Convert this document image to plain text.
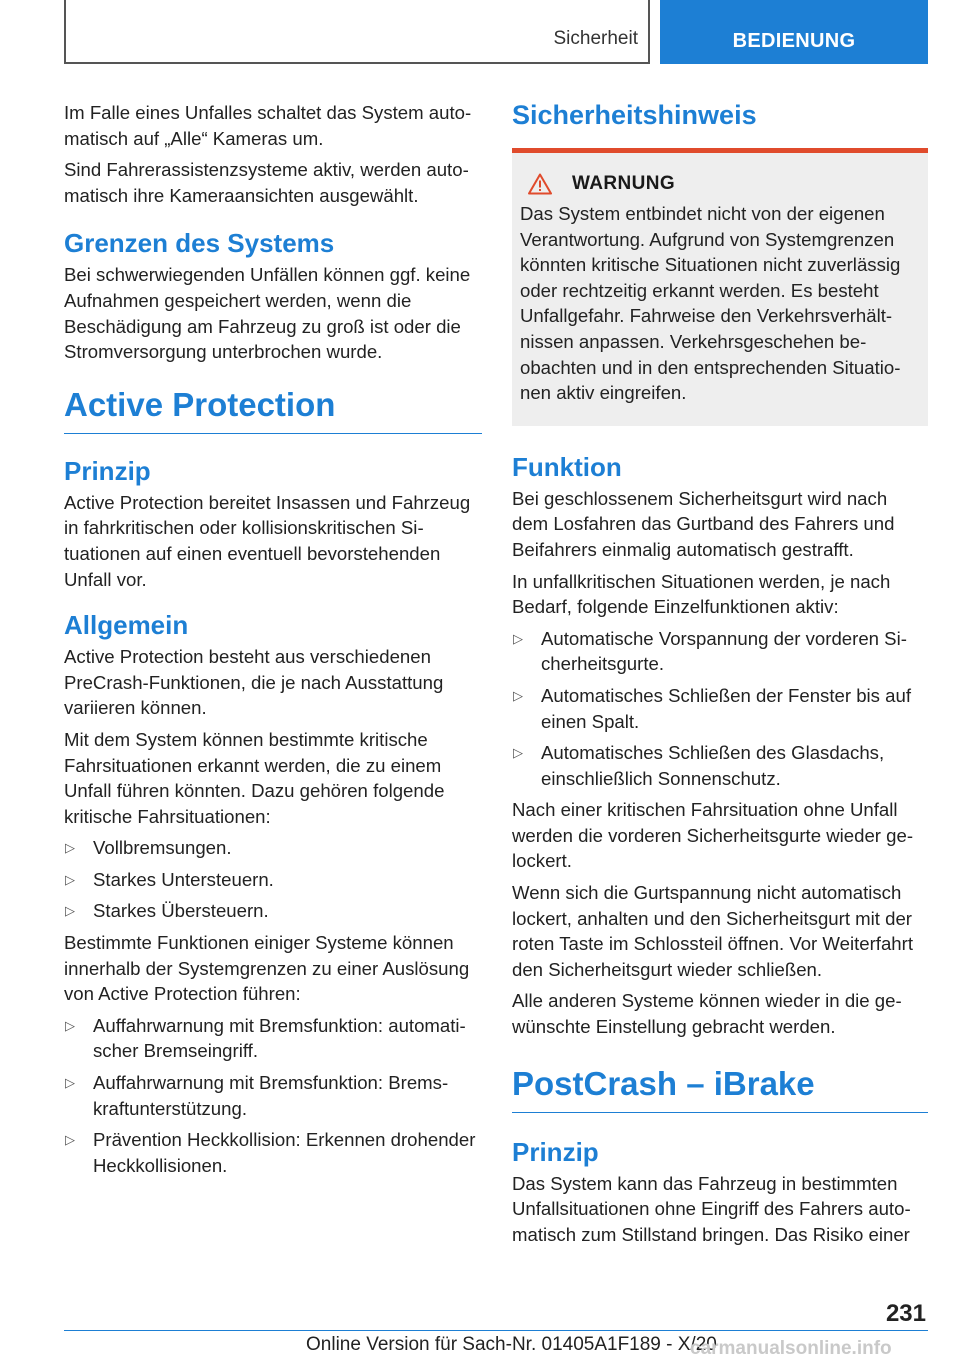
Sicherheit	BEDIENUNG

Im Falle eines Unfalles schaltet das System automatisch auf „Alle“ Kameras um.

Sind Fahrerassistenzsysteme aktiv, werden automatisch ihre Kameraansichten ausgewählt.

Grenzen des Systems

Bei schwerwiegenden Unfällen können ggf. keine Aufnahmen gespeichert werden, wenn die Beschädigung am Fahrzeug zu groß ist oder die Stromversorgung unterbrochen wurde.

Active Protection
Prinzip

Active Protection bereitet Insassen und Fahrzeug in fahrkritischen oder kollisionskritischen Situationen auf einen eventuell bevorstehenden Unfall vor.

Allgemein

Active Protection besteht aus verschiedenen PreCrash-Funktionen, die je nach Ausstattung variieren können.

Mit dem System können bestimmte kritische Fahrsituationen erkannt werden, die zu einem Unfall führen könnten. Dazu gehören folgende kritische Fahrsituationen:

▷ Vollbremsungen.
▷ Starkes Untersteuern.
▷ Starkes Übersteuern.

Bestimmte Funktionen einiger Systeme können innerhalb der Systemgrenzen zu einer Auslösung von Active Protection führen:

▷ Auffahrwarnung mit Bremsfunktion: automatischer Bremseingriff.
▷ Auffahrwarnung mit Bremsfunktion: Bremskraftunterstützung.
▷ Prävention Heckkollision: Erkennen drohender Heckkollisionen.
Sicherheitshinweis
WARNUNG

Das System entbindet nicht von der eigenen Verantwortung. Aufgrund von Systemgrenzen könnten kritische Situationen nicht zuverlässig oder rechtzeitig erkannt werden. Es besteht Unfallgefahr. Fahrweise den Verkehrsverhältnissen anpassen. Verkehrsgeschehen beobachten und in den entsprechenden Situationen aktiv eingreifen.

Funktion

Bei geschlossenem Sicherheitsgurt wird nach dem Losfahren das Gurtband des Fahrers und Beifahrers einmalig automatisch gestrafft.

In unfallkritischen Situationen werden, je nach Bedarf, folgende Einzelfunktionen aktiv:

▷ Automatische Vorspannung der vorderen Sicherheitsgurte.
▷ Automatisches Schließen der Fenster bis auf einen Spalt.
▷ Automatisches Schließen des Glasdachs, einschließlich Sonnenschutz.

Nach einer kritischen Fahrsituation ohne Unfall werden die vorderen Sicherheitsgurte wieder gelockert.

Wenn sich die Gurtspannung nicht automatisch lockert, anhalten und den Sicherheitsgurt mit der roten Taste im Schlossteil öffnen. Vor Weiterfahrt den Sicherheitsgurt wieder schließen.

Alle anderen Systeme können wieder in die gewünschte Einstellung gebracht werden.

PostCrash – iBrake
Prinzip

Das System kann das Fahrzeug in bestimmten Unfallsituationen ohne Eingriff des Fahrers automatisch zum Stillstand bringen. Das Risiko einer

231
Online Version für Sach-Nr. 01405A1F189 - X/20
carmanualsonline.info
